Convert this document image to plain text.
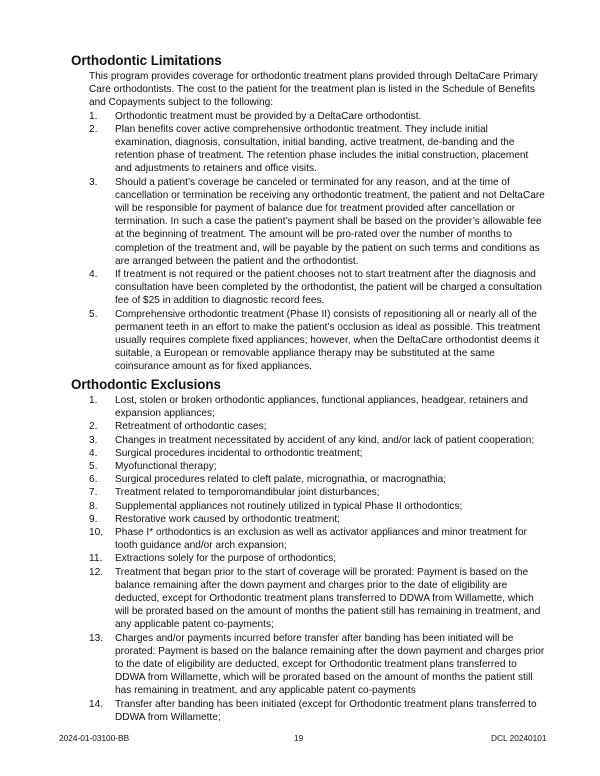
Orthodontic Limitations

This program provides coverage for orthodontic treatment plans provided through DeltaCare Primary Care orthodontists. The cost to the patient for the treatment plan is listed in the Schedule of Benefits and Copayments subject to the following:

1. Orthodontic treatment must be provided by a DeltaCare orthodontist.
2. Plan benefits cover active comprehensive orthodontic treatment. They include initial examination, diagnosis, consultation, initial banding, active treatment, de-banding and the retention phase of treatment. The retention phase includes the initial construction, placement and adjustments to retainers and office visits.
3. Should a patient’s coverage be canceled or terminated for any reason, and at the time of cancellation or termination be receiving any orthodontic treatment, the patient and not DeltaCare will be responsible for payment of balance due for treatment provided after cancellation or termination. In such a case the patient’s payment shall be based on the provider’s allowable fee at the beginning of treatment. The amount will be pro-rated over the number of months to completion of the treatment and, will be payable by the patient on such terms and conditions as are arranged between the patient and the orthodontist.
4. If treatment is not required or the patient chooses not to start treatment after the diagnosis and consultation have been completed by the orthodontist, the patient will be charged a consultation fee of $25 in addition to diagnostic record fees.
5. Comprehensive orthodontic treatment (Phase II) consists of repositioning all or nearly all of the permanent teeth in an effort to make the patient’s occlusion as ideal as possible. This treatment usually requires complete fixed appliances; however, when the DeltaCare orthodontist deems it suitable, a European or removable appliance therapy may be substituted at the same coinsurance amount as for fixed appliances.
Orthodontic Exclusions
1. Lost, stolen or broken orthodontic appliances, functional appliances, headgear, retainers and expansion appliances;
2. Retreatment of orthodontic cases;
3. Changes in treatment necessitated by accident of any kind, and/or lack of patient cooperation;
4. Surgical procedures incidental to orthodontic treatment;
5. Myofunctional therapy;
6. Surgical procedures related to cleft palate, micrognathia, or macrognathia;
7. Treatment related to temporomandibular joint disturbances;
8. Supplemental appliances not routinely utilized in typical Phase II orthodontics;
9. Restorative work caused by orthodontic treatment;
10. Phase I* orthodontics is an exclusion as well as activator appliances and minor treatment for tooth guidance and/or arch expansion;
11. Extractions solely for the purpose of orthodontics;
12. Treatment that began prior to the start of coverage will be prorated: Payment is based on the balance remaining after the down payment and charges prior to the date of eligibility are deducted, except for Orthodontic treatment plans transferred to DDWA from Willamette, which will be prorated based on the amount of months the patient still has remaining in treatment, and any applicable patent co-payments;
13. Charges and/or payments incurred before transfer after banding has been initiated will be prorated: Payment is based on the balance remaining after the down payment and charges prior to the date of eligibility are deducted, except for Orthodontic treatment plans transferred to DDWA from Willamette, which will be prorated based on the amount of months the patient still has remaining in treatment, and any applicable patent co-payments
14. Transfer after banding has been initiated (except for Orthodontic treatment plans transferred to DDWA from Willamette;
2024-01-03100-BB	19	DCL 20240101
